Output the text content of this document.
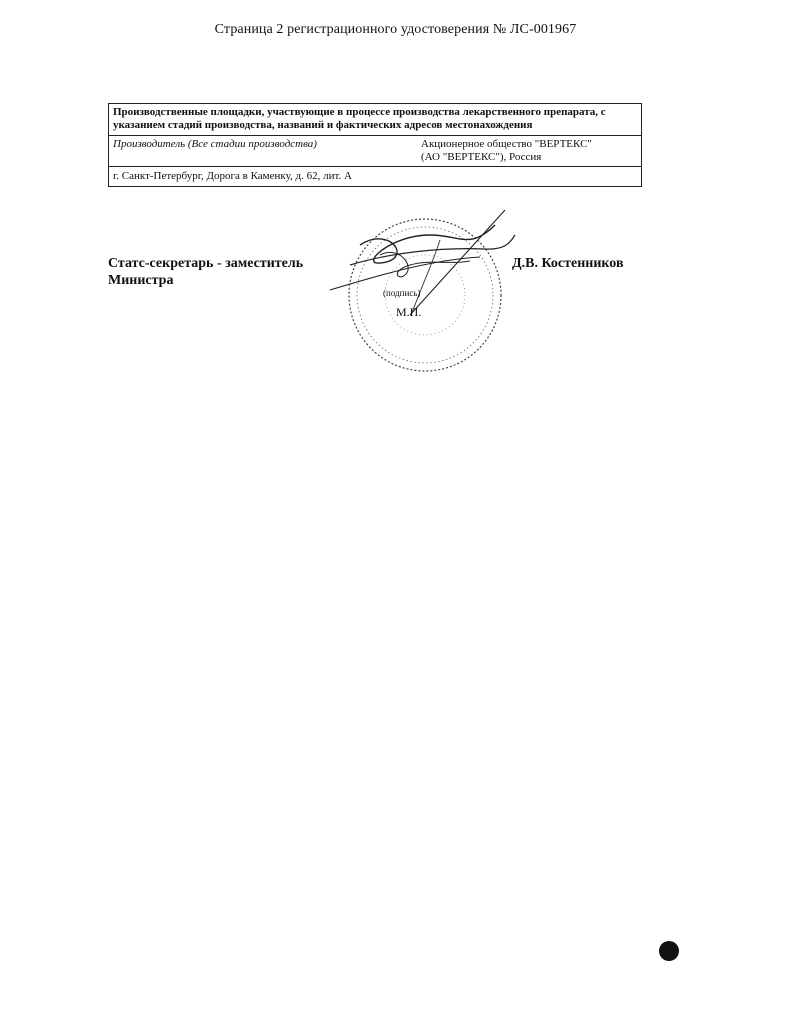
Страница 2 регистрационного удостоверения № ЛС-001967
Производственные площадки, участвующие в процессе производства лекарственного препарата, с указанием стадий производства, названий и фактических адресов местонахождения
Производитель (Все стадии производства)	Акционерное общество "ВЕРТЕКС"
(АО "ВЕРТЕКС"), Россия

г. Санкт-Петербург, Дорога в Каменку, д. 62, лит. А
Статс-секретарь - заместитель
Министра
Д.В. Костенников
(подпись)
М.П.
